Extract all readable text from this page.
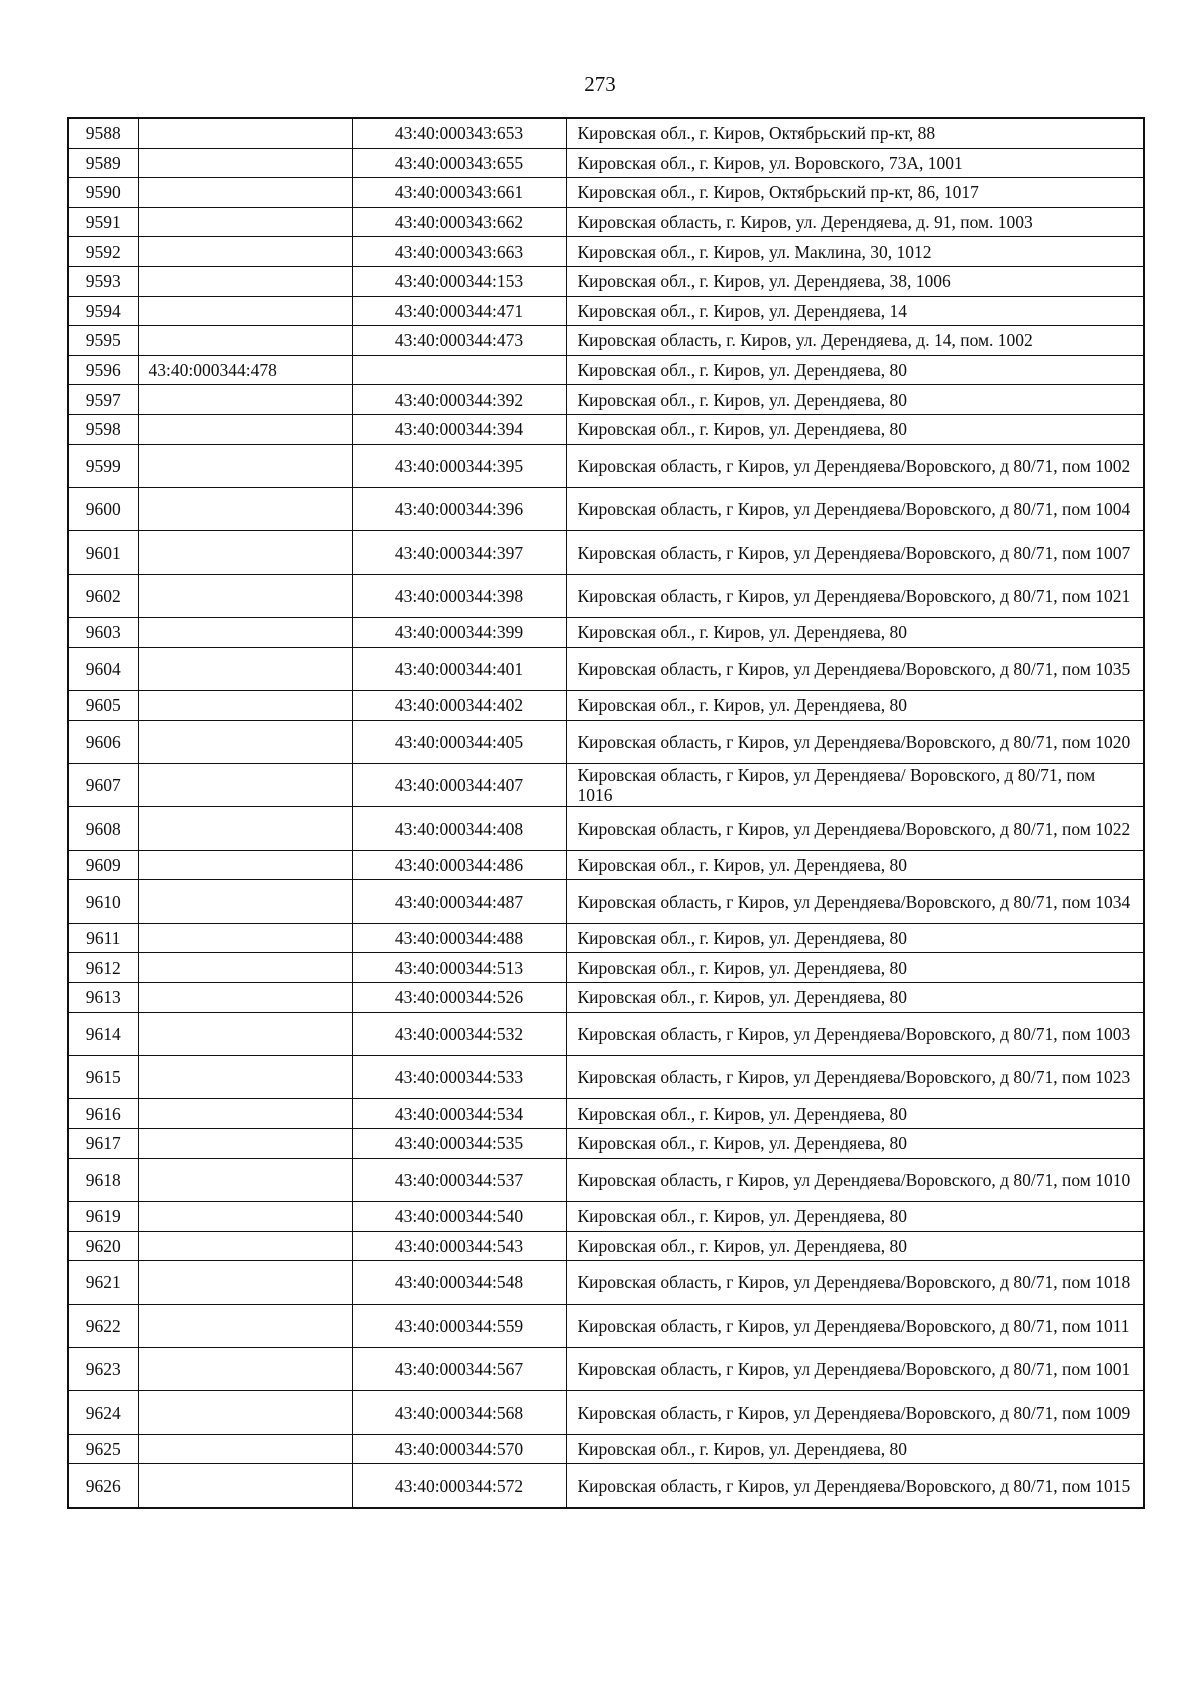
273
9588		43:40:000343:653	Кировская обл., г. Киров, Октябрьский пр-кт, 88
9589		43:40:000343:655	Кировская обл., г. Киров, ул. Воровского, 73А, 1001
9590		43:40:000343:661	Кировская обл., г. Киров, Октябрьский пр-кт, 86, 1017
9591		43:40:000343:662	Кировская область, г. Киров, ул. Дерендяева, д. 91, пом. 1003
9592		43:40:000343:663	Кировская обл., г. Киров, ул. Маклина, 30, 1012
9593		43:40:000344:153	Кировская обл., г. Киров, ул. Дерендяева, 38, 1006
9594		43:40:000344:471	Кировская обл., г. Киров, ул. Дерендяева, 14
9595		43:40:000344:473	Кировская область, г. Киров, ул. Дерендяева, д. 14, пом. 1002
9596	43:40:000344:478		Кировская обл., г. Киров, ул. Дерендяева, 80
9597		43:40:000344:392	Кировская обл., г. Киров, ул. Дерендяева, 80
9598		43:40:000344:394	Кировская обл., г. Киров, ул. Дерендяева, 80
9599		43:40:000344:395	Кировская область, г Киров, ул Дерендяева/Воровского, д 80/71, пом 1002
9600		43:40:000344:396	Кировская область, г Киров, ул Дерендяева/Воровского, д 80/71, пом 1004
9601		43:40:000344:397	Кировская область, г Киров, ул Дерендяева/Воровского, д 80/71, пом 1007
9602		43:40:000344:398	Кировская область, г Киров, ул Дерендяева/Воровского, д 80/71, пом 1021
9603		43:40:000344:399	Кировская обл., г. Киров, ул. Дерендяева, 80
9604		43:40:000344:401	Кировская область, г Киров, ул Дерендяева/Воровского, д 80/71, пом 1035
9605		43:40:000344:402	Кировская обл., г. Киров, ул. Дерендяева, 80
9606		43:40:000344:405	Кировская область, г Киров, ул Дерендяева/Воровского, д 80/71, пом 1020
9607		43:40:000344:407	Кировская область, г Киров, ул Дерендяева/ Воровского, д 80/71, пом 1016
9608		43:40:000344:408	Кировская область, г Киров, ул Дерендяева/Воровского, д 80/71, пом 1022
9609		43:40:000344:486	Кировская обл., г. Киров, ул. Дерендяева, 80
9610		43:40:000344:487	Кировская область, г Киров, ул Дерендяева/Воровского, д 80/71, пом 1034
9611		43:40:000344:488	Кировская обл., г. Киров, ул. Дерендяева, 80
9612		43:40:000344:513	Кировская обл., г. Киров, ул. Дерендяева, 80
9613		43:40:000344:526	Кировская обл., г. Киров, ул. Дерендяева, 80
9614		43:40:000344:532	Кировская область, г Киров, ул Дерендяева/Воровского, д 80/71, пом 1003
9615		43:40:000344:533	Кировская область, г Киров, ул Дерендяева/Воровского, д 80/71, пом 1023
9616		43:40:000344:534	Кировская обл., г. Киров, ул. Дерендяева, 80
9617		43:40:000344:535	Кировская обл., г. Киров, ул. Дерендяева, 80
9618		43:40:000344:537	Кировская область, г Киров, ул Дерендяева/Воровского, д 80/71, пом 1010
9619		43:40:000344:540	Кировская обл., г. Киров, ул. Дерендяева, 80
9620		43:40:000344:543	Кировская обл., г. Киров, ул. Дерендяева, 80
9621		43:40:000344:548	Кировская область, г Киров, ул Дерендяева/Воровского, д 80/71, пом 1018
9622		43:40:000344:559	Кировская область, г Киров, ул Дерендяева/Воровского, д 80/71, пом 1011
9623		43:40:000344:567	Кировская область, г Киров, ул Дерендяева/Воровского, д 80/71, пом 1001
9624		43:40:000344:568	Кировская область, г Киров, ул Дерендяева/Воровского, д 80/71, пом 1009
9625		43:40:000344:570	Кировская обл., г. Киров, ул. Дерендяева, 80
9626		43:40:000344:572	Кировская область, г Киров, ул Дерендяева/Воровского, д 80/71, пом 1015
